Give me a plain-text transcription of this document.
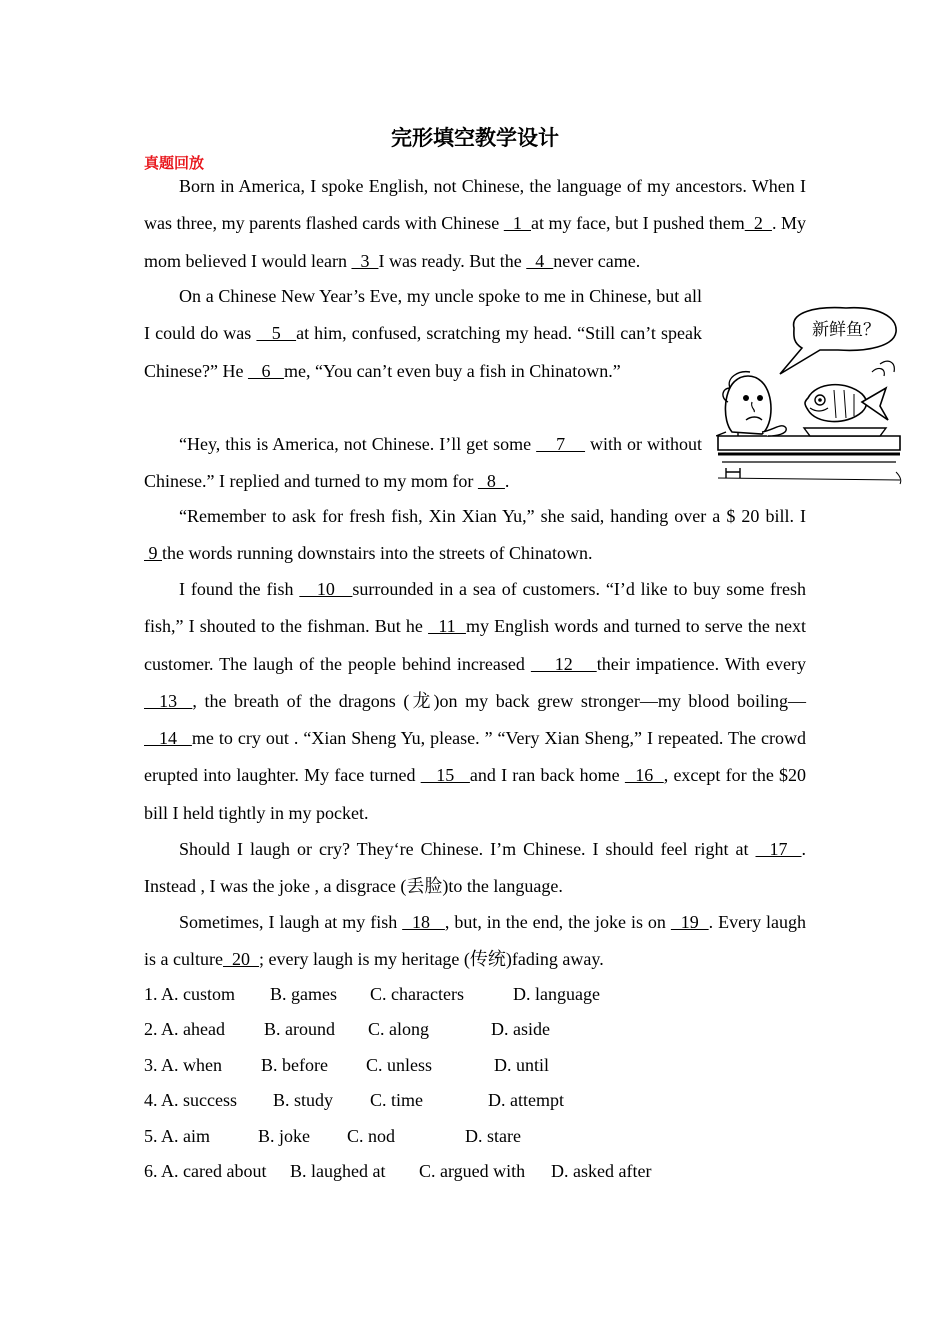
完形填空教学设计
真题回放

Born in America, I spoke English, not Chinese, the language of my ancestors. When I was three, my parents flashed cards with Chinese   1  at my face, but I pushed them  2  . My mom believed I would learn   3  I was ready. But the   4  never came.

On a Chinese New Year’s Eve, my uncle spoke to me in Chinese, but all I could do was    5   at him, confused, scratching my head. “Still can’t speak Chinese?” He    6   me, “You can’t even buy a fish in Chinatown.”

“Hey, this is America, not Chinese. I’ll get some     7     with or without Chinese.” I replied and turned to my mom for   8  .

新鲜鱼？

“Remember to ask for fresh fish, Xin Xian Yu,” she said, handing over a $ 20 bill. I  9 the words running downstairs into the streets of Chinatown.

I found the fish    10   surrounded in a sea of customers. “I’d like to buy some fresh fish,” I shouted to the fishman. But he   11  my English words and turned to serve the next customer. The laugh of the people behind increased     12    their impatience. With every   13  , the breath of the dragons (龙)on my back grew stronger—my blood boiling—   14   me to cry out . “Xian Sheng Yu, please. ” “Very Xian Sheng,” I repeated. The crowd erupted into laughter. My face turned    15   and I ran back home   16  , except for the $20 bill I held tightly in my pocket.

Should I laugh or cry? They‘re Chinese. I’m Chinese. I should feel right at   17  . Instead , I was the joke , a disgrace (丢脸)to the language.

Sometimes, I laugh at my fish   18   , but, in the end, the joke is on   19  . Every laugh is a culture  20  ; every laugh is my heritage (传统)fading away.

1. A. custom

B. games

C. characters

	D. language

2. A. ahead

B. around

C. along

	D. aside

3. A. when

B. before

C. unless

	D. until

4. A. success

B. study

C. time

	D. attempt

5. A. aim

	B. joke

C. nod

	D. stare

6. A. cared about

B. laughed at

C. argued with

D. asked after
